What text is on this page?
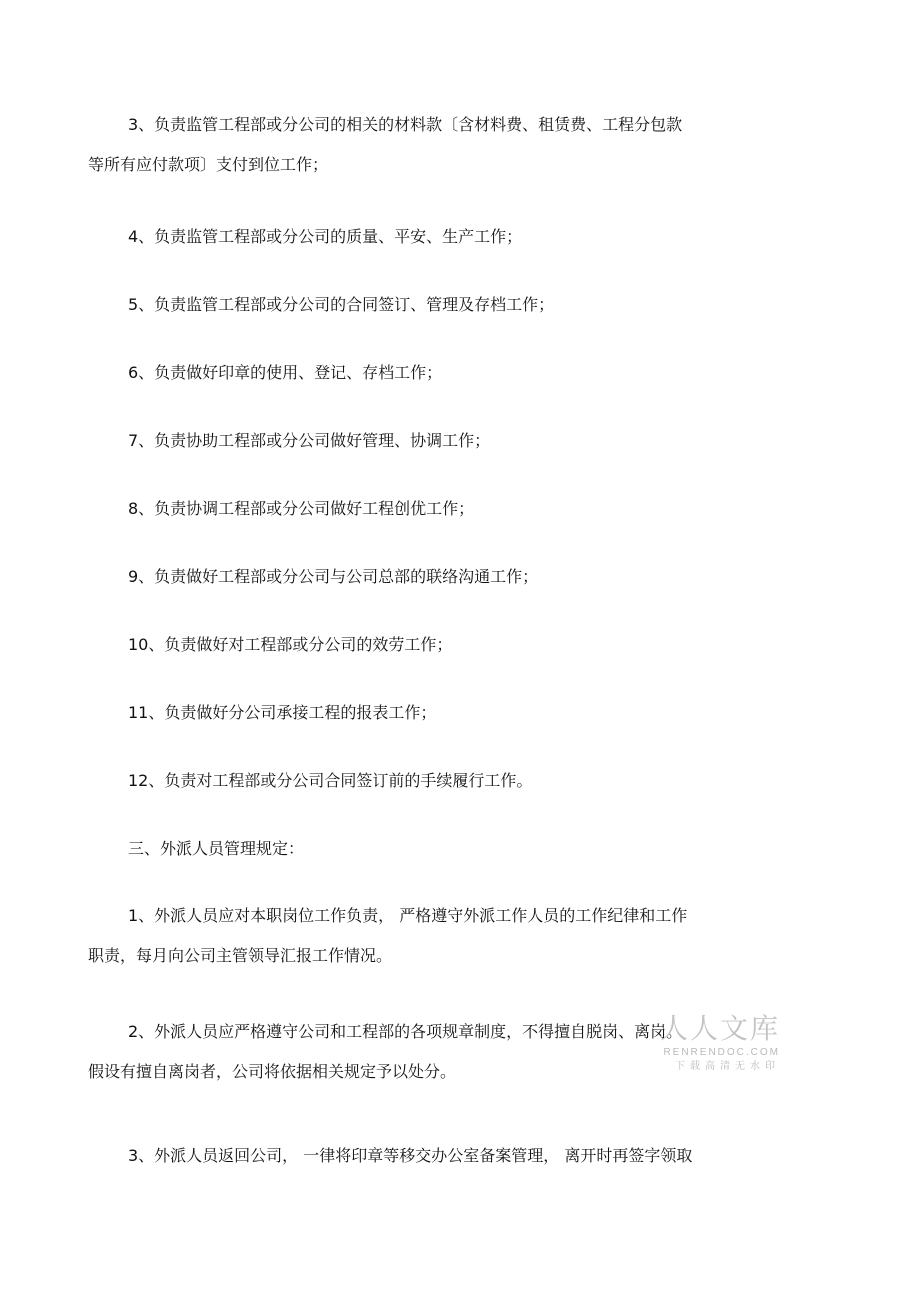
3、负责监管工程部或分公司的相关的材料款〔含材料费、租赁费、工程分包款
等所有应付款项〕支付到位工作；
4、负责监管工程部或分公司的质量、平安、生产工作；
5、负责监管工程部或分公司的合同签订、管理及存档工作；
6、负责做好印章的使用、登记、存档工作；
7、负责协助工程部或分公司做好管理、协调工作；
8、负责协调工程部或分公司做好工程创优工作；
9、负责做好工程部或分公司与公司总部的联络沟通工作；
10、负责做好对工程部或分公司的效劳工作；
11、负责做好分公司承接工程的报表工作；
12、负责对工程部或分公司合同签订前的手续履行工作。
三、外派人员管理规定：
1、外派人员应对本职岗位工作负责， 严格遵守外派工作人员的工作纪律和工作
职责，每月向公司主管领导汇报工作情况。
2、外派人员应严格遵守公司和工程部的各项规章制度，不得擅自脱岗、离岗。
假设有擅自离岗者，公司将依据相关规定予以处分。
3、外派人员返回公司， 一律将印章等移交办公室备案管理， 离开时再签字领取
人人文库
RENRENDOC.COM
下载高清无水印
